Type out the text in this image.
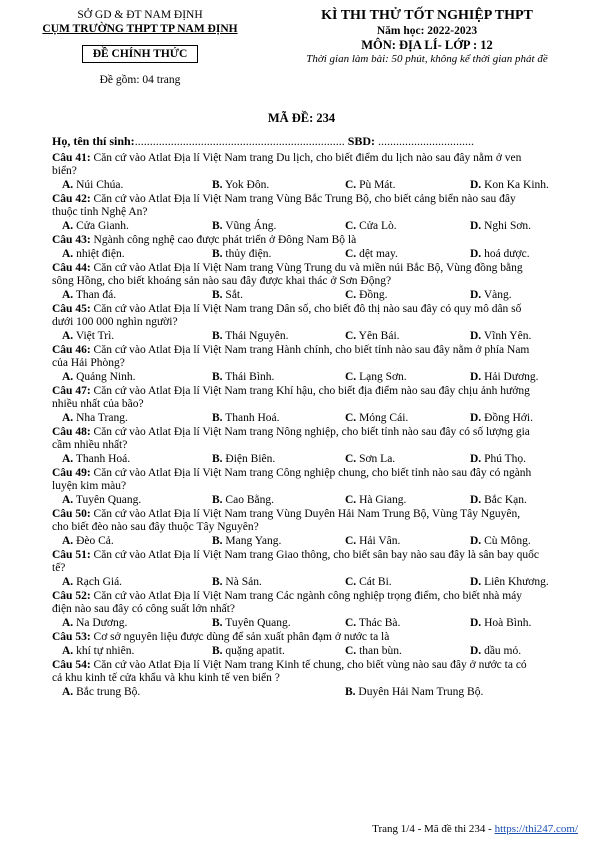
SỞ GD & ĐT NAM ĐỊNH
CỤM TRƯỜNG THPT TP NAM ĐỊNH
ĐỀ CHÍNH THỨC
Đề gồm: 04 trang
KÌ THI THỬ TỐT NGHIỆP THPT
Năm học: 2022-2023
MÔN: ĐỊA LÍ- LỚP : 12
Thời gian làm bài: 50 phút, không kể thời gian phát đề
MÃ ĐỀ: 234
Họ, tên thí sinh:...................................................................... SBD: ................................
Câu 41: Căn cứ vào Atlat Địa lí Việt Nam trang Du lịch, cho biết điểm du lịch nào sau đây nằm ở ven
biển?
A. Núi Chúa.	B. Yok Đôn.	C. Pù Mát.	D. Kon Ka Kinh.
Câu 42: Căn cứ vào Atlat Địa lí Việt Nam trang Vùng Bắc Trung Bộ, cho biết cảng biển nào sau đây
thuộc tỉnh Nghệ An?
A. Cửa Gianh.	B. Vũng Áng.	C. Cửa Lò.	D. Nghi Sơn.
Câu 43: Ngành công nghệ cao được phát triển ở Đông Nam Bộ là
A. nhiệt điện.	B. thủy điện.	C. dệt may.	D. hoá dược.
Câu 44: Căn cứ vào Atlat Địa lí Việt Nam trang Vùng Trung du và miền núi Bắc Bộ, Vùng đồng bằng
sông Hồng, cho biết khoáng sản nào sau đây được khai thác ở Sơn Động?
A. Than đá.	B. Sắt.	C. Đồng.	D. Vàng.
Câu 45: Căn cứ vào Atlat Địa lí Việt Nam trang Dân số, cho biết đô thị nào sau đây có quy mô dân số
dưới 100 000 nghìn người?
A. Việt Trì.	B. Thái Nguyên.	C. Yên Bái.	D. Vĩnh Yên.
Câu 46: Căn cứ vào Atlat Địa lí Việt Nam trang Hành chính, cho biết tỉnh nào sau đây nằm ở phía Nam
của Hải Phòng?
A. Quảng Ninh.	B. Thái Bình.	C. Lạng Sơn.	D. Hải Dương.
Câu 47: Căn cứ vào Atlat Địa lí Việt Nam trang Khí hậu, cho biết địa điểm nào sau đây chịu ảnh hưởng
nhiều nhất của bão?
A. Nha Trang.	B. Thanh Hoá.	C. Móng Cái.	D. Đồng Hới.
Câu 48: Căn cứ vào Atlat Địa lí Việt Nam trang Nông nghiệp, cho biết tỉnh nào sau đây có số lượng gia
cầm nhiều nhất?
A. Thanh Hoá.	B. Điện Biên.	C. Sơn La.	D. Phú Thọ.
Câu 49: Căn cứ vào Atlat Địa lí Việt Nam trang Công nghiệp chung, cho biết tỉnh nào sau đây có ngành
luyện kim màu?
A. Tuyên Quang.	B. Cao Bằng.	C. Hà Giang.	D. Bắc Kạn.
Câu 50: Căn cứ vào Atlat Địa lí Việt Nam trang Vùng Duyên Hải Nam Trung Bộ, Vùng Tây Nguyên,
cho biết đèo nào sau đây thuộc Tây Nguyên?
A. Đèo Cả.	B. Mang Yang.	C. Hải Vân.	D. Cù Mông.
Câu 51: Căn cứ vào Atlat Địa lí Việt Nam trang Giao thông, cho biết sân bay nào sau đây là sân bay quốc
tế?
A. Rạch Giá.	B. Nà Sản.	C. Cát Bi.	D. Liên Khương.
Câu 52: Căn cứ vào Atlat Địa lí Việt Nam trang Các ngành công nghiệp trọng điểm, cho biết nhà máy
điện nào sau đây có công suất lớn nhất?
A. Na Dương.	B. Tuyên Quang.	C. Thác Bà.	D. Hoà Bình.
Câu 53: Cơ sở nguyên liệu được dùng để sản xuất phân đạm ở nước ta là
A. khí tự nhiên.	B. quặng apatit.	C. than bùn.	D. dầu mỏ.
Câu 54: Căn cứ vào Atlat Địa lí Việt Nam trang Kinh tế chung, cho biết vùng nào sau đây ở nước ta có
cả khu kinh tế cửa khẩu và khu kinh tế ven biển ?
A. Bắc trung Bộ.	B. Duyên Hải Nam Trung Bộ.
Trang 1/4 - Mã đề thi 234 - https://thi247.com/
